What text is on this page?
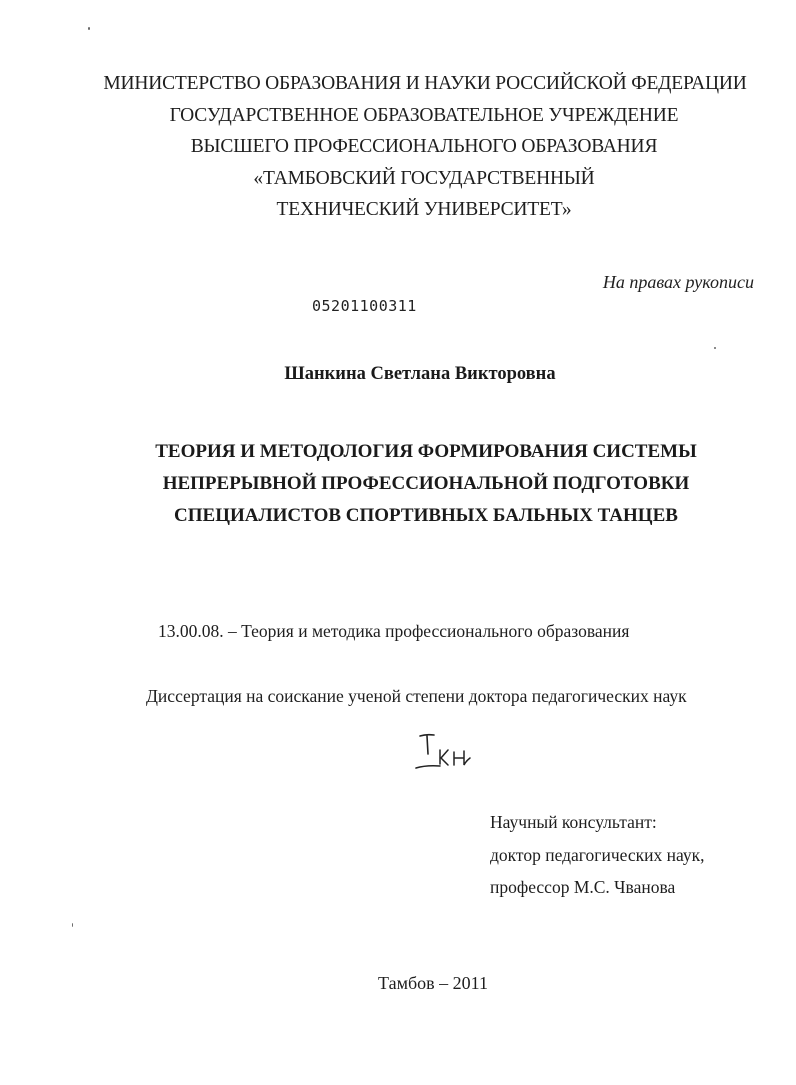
МИНИСТЕРСТВО ОБРАЗОВАНИЯ И НАУКИ РОССИЙСКОЙ ФЕДЕРАЦИИ
ГОСУДАРСТВЕННОЕ ОБРАЗОВАТЕЛЬНОЕ УЧРЕЖДЕНИЕ
ВЫСШЕГО ПРОФЕССИОНАЛЬНОГО ОБРАЗОВАНИЯ
«ТАМБОВСКИЙ ГОСУДАРСТВЕННЫЙ
ТЕХНИЧЕСКИЙ УНИВЕРСИТЕТ»
На правах рукописи
05201100311
Шанкина Светлана Викторовна
ТЕОРИЯ И МЕТОДОЛОГИЯ ФОРМИРОВАНИЯ СИСТЕМЫ
НЕПРЕРЫВНОЙ ПРОФЕССИОНАЛЬНОЙ ПОДГОТОВКИ
СПЕЦИАЛИСТОВ СПОРТИВНЫХ БАЛЬНЫХ ТАНЦЕВ
13.00.08. – Теория и методика профессионального образования
Диссертация на соискание ученой степени доктора педагогических наук
Научный консультант:
доктор педагогических наук,
профессор М.С. Чванова
Тамбов – 2011
